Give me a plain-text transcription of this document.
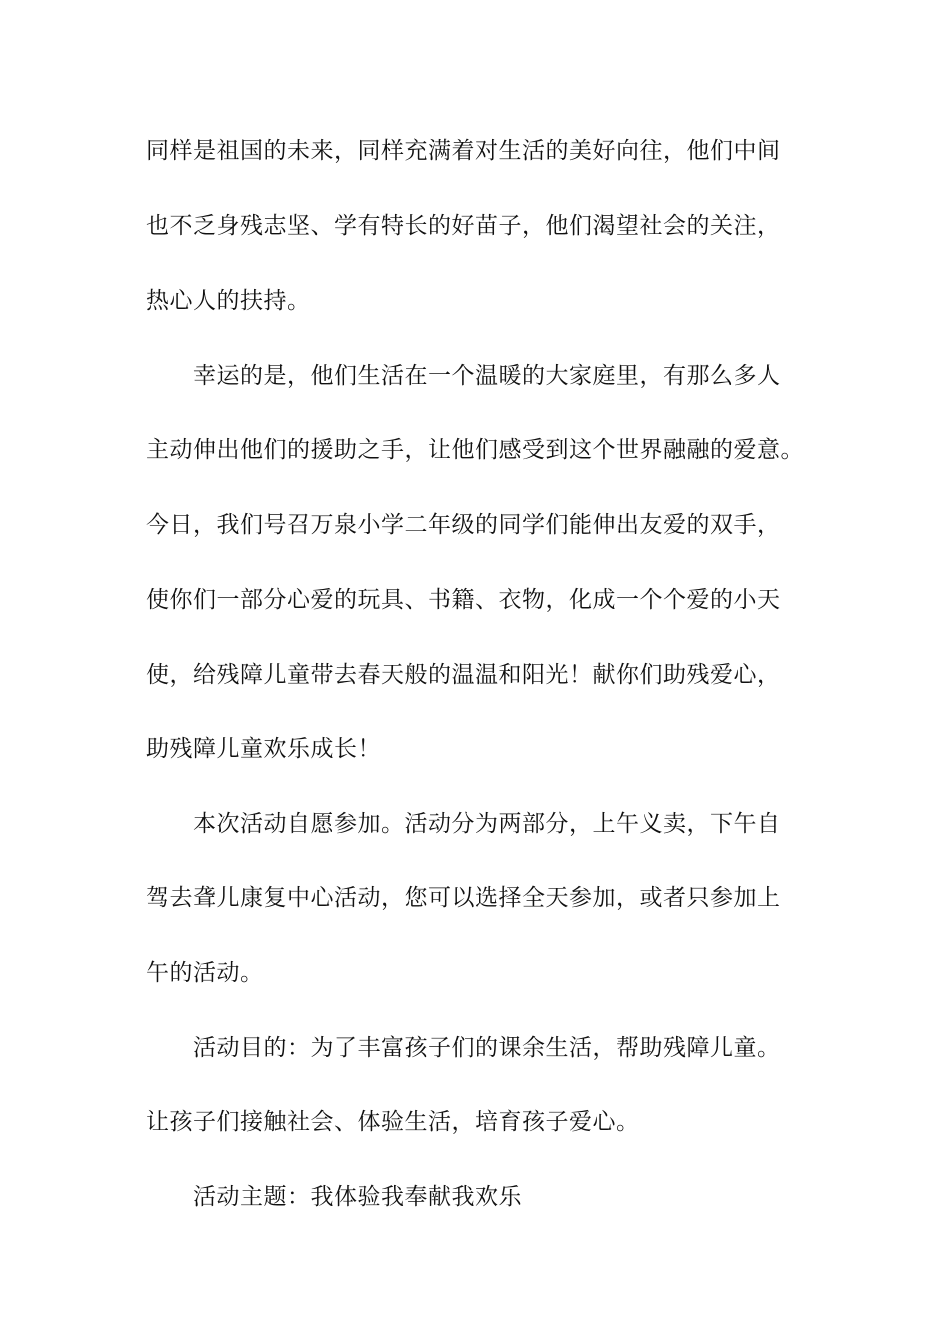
同样是祖国的未来，同样充满着对生活的美好向往，他们中间
也不乏身残志坚、学有特长的好苗子，他们渴望社会的关注，
热心人的扶持。
幸运的是，他们生活在一个温暖的大家庭里，有那么多人
主动伸出他们的援助之手，让他们感受到这个世界融融的爱意。
今日，我们号召万泉小学二年级的同学们能伸出友爱的双手，
使你们一部分心爱的玩具、书籍、衣物，化成一个个爱的小天
使，给残障儿童带去春天般的温温和阳光！献你们助残爱心，
助残障儿童欢乐成长！
本次活动自愿参加。活动分为两部分，上午义卖，下午自
驾去聋儿康复中心活动，您可以选择全天参加，或者只参加上
午的活动。
活动目的：为了丰富孩子们的课余生活，帮助残障儿童。
让孩子们接触社会、体验生活，培育孩子爱心。
活动主题：我体验我奉献我欢乐
